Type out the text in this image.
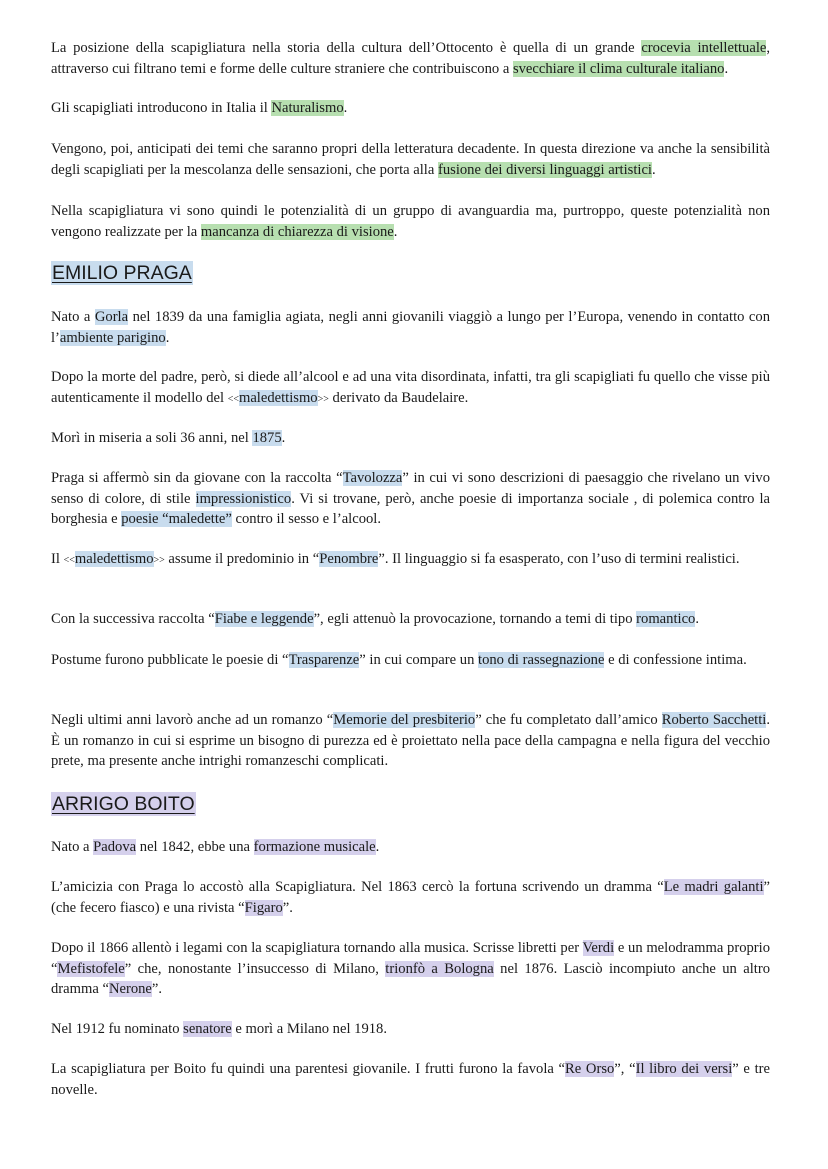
La posizione della scapigliatura nella storia della cultura dell’Ottocento è quella di un grande crocevia intellettuale, attraverso cui filtrano temi e forme delle culture straniere che contribuiscono a svecchiare il clima culturale italiano.

Gli scapigliati introducono in Italia il Naturalismo.

Vengono, poi, anticipati dei temi che saranno propri della letteratura decadente. In questa direzione va anche la sensibilità degli scapigliati per la mescolanza delle sensazioni, che porta alla fusione dei diversi linguaggi artistici.

Nella scapigliatura vi sono quindi le potenzialità di un gruppo di avanguardia ma, purtroppo, queste potenzialità non vengono realizzate per la mancanza di chiarezza di visione.

EMILIO PRAGA

Nato a Gorla nel 1839 da una famiglia agiata, negli anni giovanili viaggiò a lungo per l’Europa, venendo in contatto con l’ambiente parigino.

Dopo la morte del padre, però, si diede all’alcool e ad una vita disordinata, infatti, tra gli scapigliati fu quello che visse più autenticamente il modello del <<maledettismo>> derivato da Baudelaire.

Morì in miseria a soli 36 anni, nel 1875.

Praga si affermò sin da giovane con la raccolta “Tavolozza” in cui vi sono descrizioni di paesaggio che rivelano un vivo senso di colore, di stile impressionistico. Vi si trovane, però, anche poesie di importanza sociale , di polemica contro la borghesia e poesie “maledette” contro il sesso e l’alcool.

Il <<maledettismo>> assume il predominio in “Penombre”. Il linguaggio si fa esasperato, con l’uso di termini realistici.

Con la successiva raccolta “Fiabe e leggende”, egli attenuò la provocazione, tornando a temi di tipo romantico.

Postume furono pubblicate le poesie di “Trasparenze” in cui compare un tono di rassegnazione e di confessione intima.

Negli ultimi anni lavorò anche ad un romanzo “Memorie del presbiterio” che fu completato dall’amico Roberto Sacchetti. È un romanzo in cui si esprime un bisogno di purezza ed è proiettato nella pace della campagna e nella figura del vecchio prete, ma presente anche intrighi romanzeschi complicati.

ARRIGO BOITO

Nato a Padova nel 1842, ebbe una formazione musicale.

L’amicizia con Praga lo accostò alla Scapigliatura. Nel 1863 cercò la fortuna scrivendo un dramma “Le madri galanti” (che fecero fiasco) e una rivista “Figaro”.

Dopo il 1866 allentò i legami con la scapigliatura tornando alla musica. Scrisse libretti per Verdi e un melodramma proprio “Mefistofele” che, nonostante l’insuccesso di Milano, trionfò a Bologna nel 1876. Lasciò incompiuto anche un altro dramma “Nerone”.

Nel 1912 fu nominato senatore e morì a Milano nel 1918.

La scapigliatura per Boito fu quindi una parentesi giovanile. I frutti furono la favola “Re Orso”, “Il libro dei versi” e tre novelle.
